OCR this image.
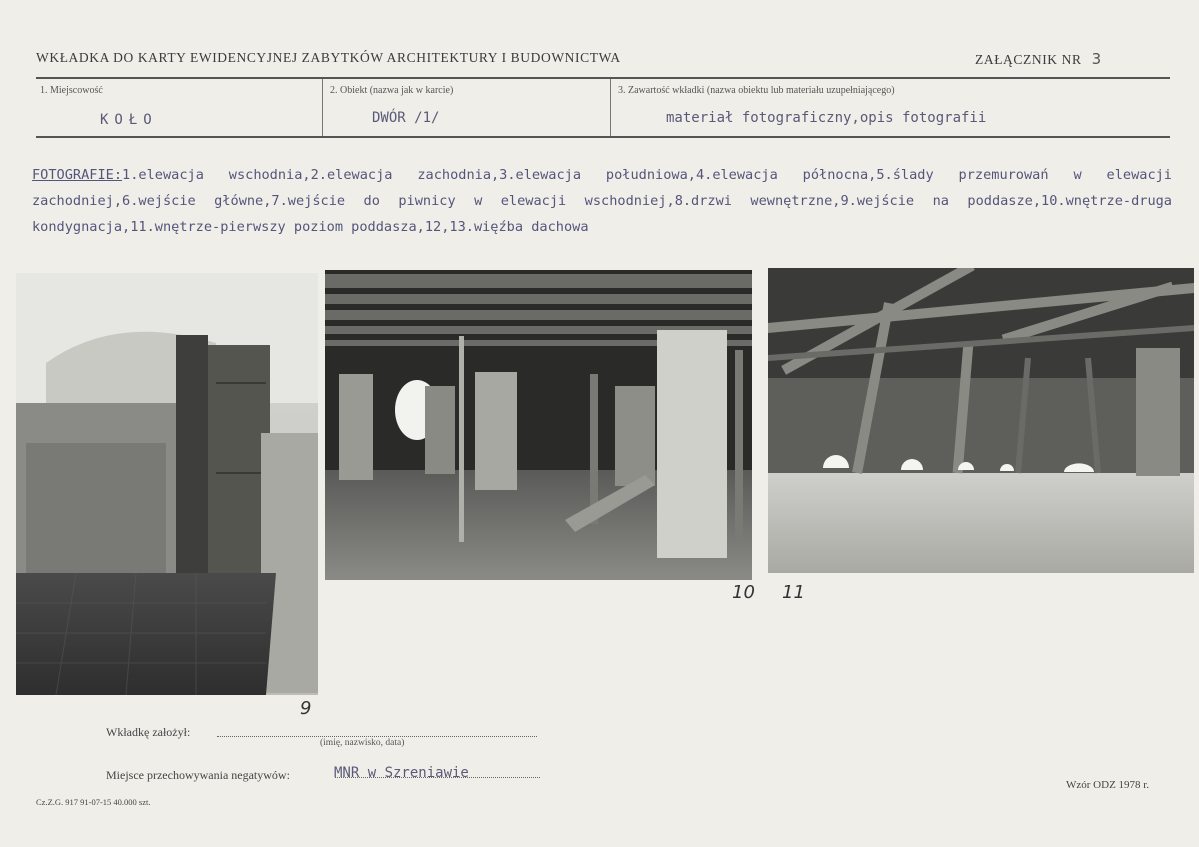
WKŁADKA DO KARTY EWIDENCYJNEJ ZABYTKÓW ARCHITEKTURY I BUDOWNICTWA	ZAŁĄCZNIK NR 3
1. Miejscowość	2. Obiekt (nazwa jak w karcie)	3. Zawartość wkładki (nazwa obiektu lub materiału uzupełniającego)
KOŁO	DWÓR /1/	materiał fotograficzny,opis fotografii
FOTOGRAFIE:1.elewacja wschodnia,2.elewacja zachodnia,3.elewacja południowa,4.elewacja północna,5.ślady przemurowań w elewacji zachodniej,6.wejście główne,7.wejście do piwnicy w elewacji wschodniej,8.drzwi wewnętrzne,9.wejście na poddasze,10.wnętrze-druga kondygnacja,11.wnętrze-pierwszy poziom poddasza,12,13.więźba dachowa
9
10 11
Wkładkę założył:
(imię, nazwisko, data)
Miejsce przechowywania negatywów:	MNR w Szreniawie
Cz.Z.G. 917 91-07-15 40.000 szt.
Wzór ODZ 1978 r.
